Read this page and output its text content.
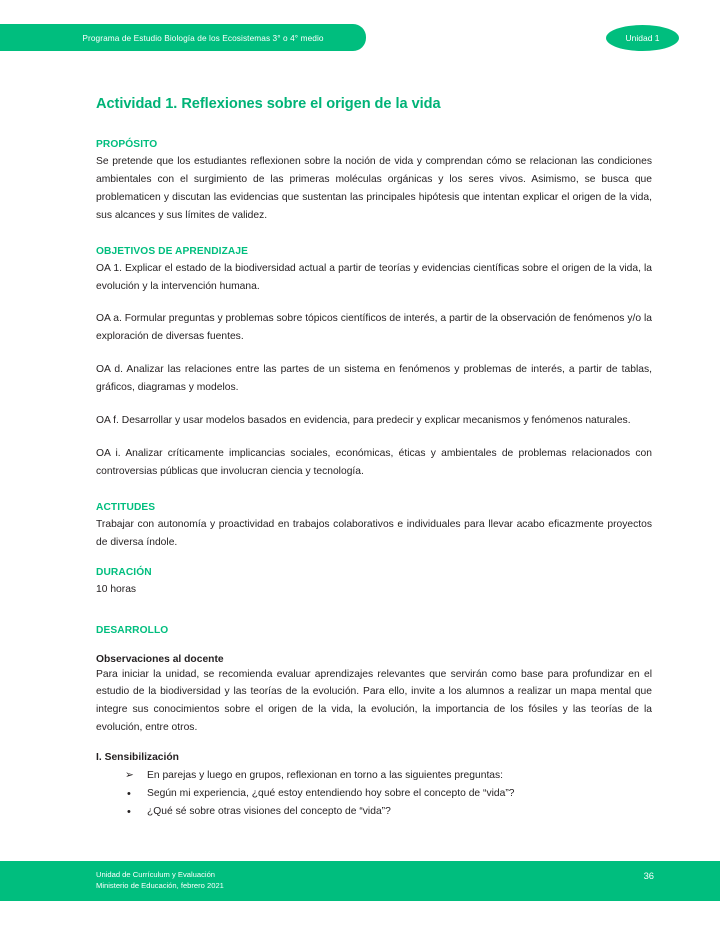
Programa de Estudio Biología de los Ecosistemas 3° o 4° medio	Unidad 1
Actividad 1. Reflexiones sobre el origen de la vida
PROPÓSITO

Se pretende que los estudiantes reflexionen sobre la noción de vida y comprendan cómo se relacionan las condiciones ambientales con el surgimiento de las primeras moléculas orgánicas y los seres vivos. Asimismo, se busca que problematicen y discutan las evidencias que sustentan las principales hipótesis que intentan explicar el origen de la vida, sus alcances y sus límites de validez.

OBJETIVOS DE APRENDIZAJE

OA 1. Explicar el estado de la biodiversidad actual a partir de teorías y evidencias científicas sobre el origen de la vida, la evolución y la intervención humana.

OA a. Formular preguntas y problemas sobre tópicos científicos de interés, a partir de la observación de fenómenos y/o la exploración de diversas fuentes.

OA d. Analizar las relaciones entre las partes de un sistema en fenómenos y problemas de interés, a partir de tablas, gráficos, diagramas y modelos.

OA f. Desarrollar y usar modelos basados en evidencia, para predecir y explicar mecanismos y fenómenos naturales.

OA i. Analizar críticamente implicancias sociales, económicas, éticas y ambientales de problemas relacionados con controversias públicas que involucran ciencia y tecnología.

ACTITUDES

Trabajar con autonomía y proactividad en trabajos colaborativos e individuales para llevar acabo eficazmente proyectos de diversa índole.

DURACIÓN

10 horas

DESARROLLO
Observaciones al docente

Para iniciar la unidad, se recomienda evaluar aprendizajes relevantes que servirán como base para profundizar en el estudio de la biodiversidad y las teorías de la evolución. Para ello, invite a los alumnos a realizar un mapa mental que integre sus conocimientos sobre el origen de la vida, la evolución, la importancia de los fósiles y las teorías de la evolución, entre otros.

I. Sensibilización
➢	En parejas y luego en grupos, reflexionan en torno a las siguientes preguntas:
•	Según mi experiencia, ¿qué estoy entendiendo hoy sobre el concepto de “vida”?
•	¿Qué sé sobre otras visiones del concepto de “vida”?
Unidad de Currículum y Evaluación
Ministerio de Educación, febrero 2021
36
